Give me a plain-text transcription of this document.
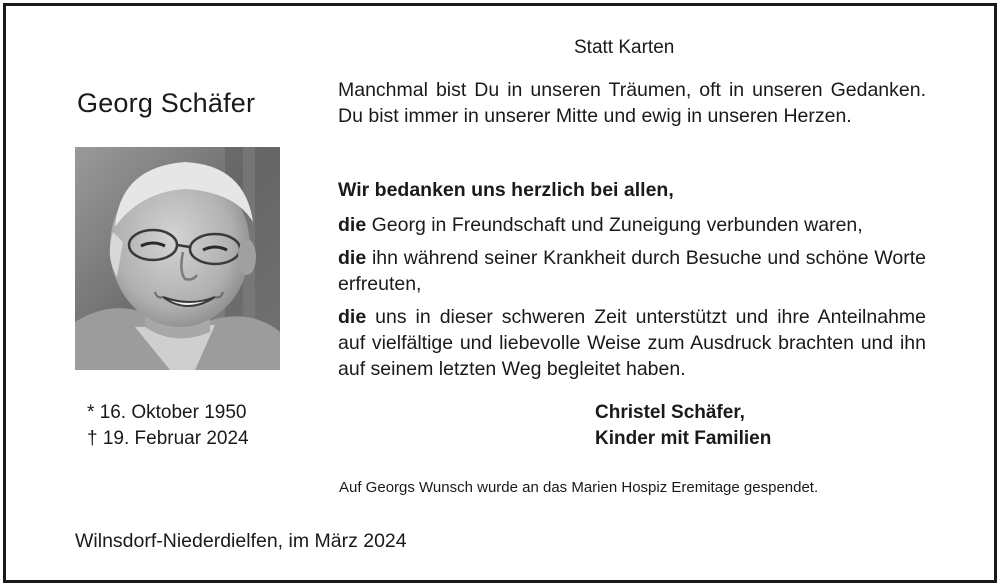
Statt Karten
Georg Schäfer
* 16. Oktober 1950
† 19. Februar 2024
Manchmal bist Du in unseren Träumen, oft in unseren Gedanken. Du bist immer in unserer Mitte und ewig in unseren Herzen.

Wir bedanken uns herzlich bei allen,

die Georg in Freundschaft und Zuneigung verbunden waren,

die ihn während seiner Krankheit durch Besuche und schöne Worte erfreuten,

die uns in dieser schweren Zeit unterstützt und ihre Anteilnahme auf vielfältige und liebevolle Weise zum Ausdruck brachten und ihn auf seinem letzten Weg begleitet haben.

Christel Schäfer,
Kinder mit Familien
Auf Georgs Wunsch wurde an das Marien Hospiz Eremitage gespendet.
Wilnsdorf-Niederdielfen, im März 2024
